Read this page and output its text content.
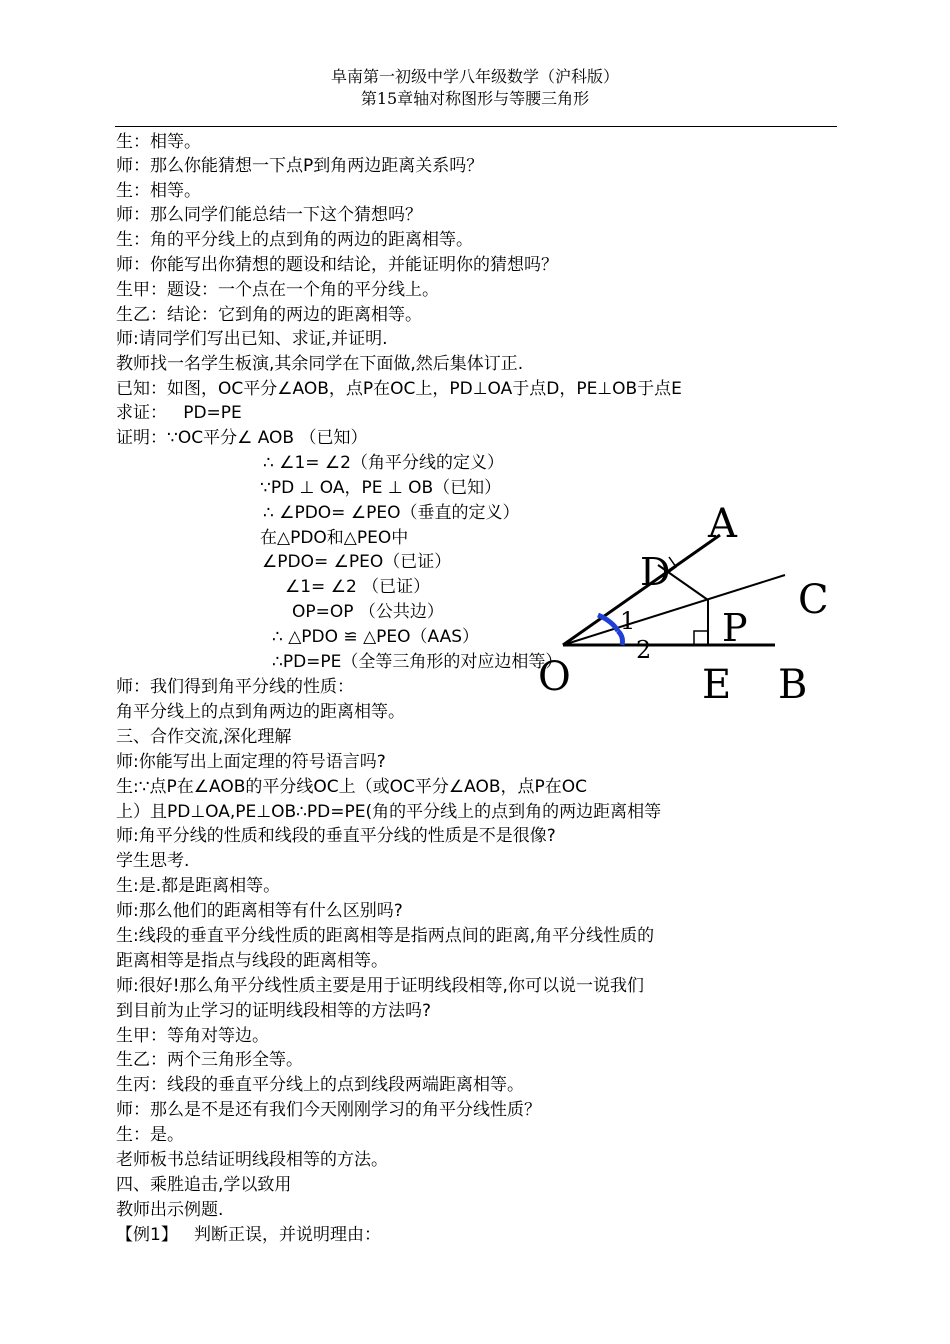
阜南第一初级中学八年级数学（沪科版）
第15章轴对称图形与等腰三角形
生：相等。
师：那么你能猜想一下点P到角两边距离关系吗？
生：相等。
师：那么同学们能总结一下这个猜想吗？
生：角的平分线上的点到角的两边的距离相等。
师：你能写出你猜想的题设和结论，并能证明你的猜想吗？
生甲：题设：一个点在一个角的平分线上。
生乙：结论：它到角的两边的距离相等。
师:请同学们写出已知、求证,并证明.
教师找一名学生板演,其余同学在下面做,然后集体订正.
已知：如图，OC平分∠AOB，点P在OC上，PD⊥OA于点D，PE⊥OB于点E
求证：   PD=PE
证明：∵OC平分∠ AOB （已知）
∴ ∠1= ∠2（角平分线的定义）
∵PD ⊥ OA，PE ⊥ OB（已知）
∴ ∠PDO= ∠PEO（垂直的定义）
在△PDO和△PEO中
∠PDO= ∠PEO（已证）
∠1= ∠2 （已证）
OP=OP （公共边）
∴ △PDO ≌ △PEO（AAS）
∴PD=PE（全等三角形的对应边相等）
师：我们得到角平分线的性质：
角平分线上的点到角两边的距离相等。
三、合作交流,深化理解
师:你能写出上面定理的符号语言吗?
生:∵点P在∠AOB的平分线OC上（或OC平分∠AOB，点P在OC
上）且PD⊥OA,PE⊥OB∴PD=PE(角的平分线上的点到角的两边距离相等
师:角平分线的性质和线段的垂直平分线的性质是不是很像?
学生思考.
生:是.都是距离相等。
师:那么他们的距离相等有什么区别吗?
生:线段的垂直平分线性质的距离相等是指两点间的距离,角平分线性质的
距离相等是指点与线段的距离相等。
师:很好!那么角平分线性质主要是用于证明线段相等,你可以说一说我们
到目前为止学习的证明线段相等的方法吗?
生甲：等角对等边。
生乙：两个三角形全等。
生丙：线段的垂直平分线上的点到线段两端距离相等。
师：那么是不是还有我们今天刚刚学习的角平分线性质？
生：是。
老师板书总结证明线段相等的方法。
四、乘胜追击,学以致用
教师出示例题.
【例1】   判断正误，并说明理由：
A
D
C
P
1
2
O	E B
